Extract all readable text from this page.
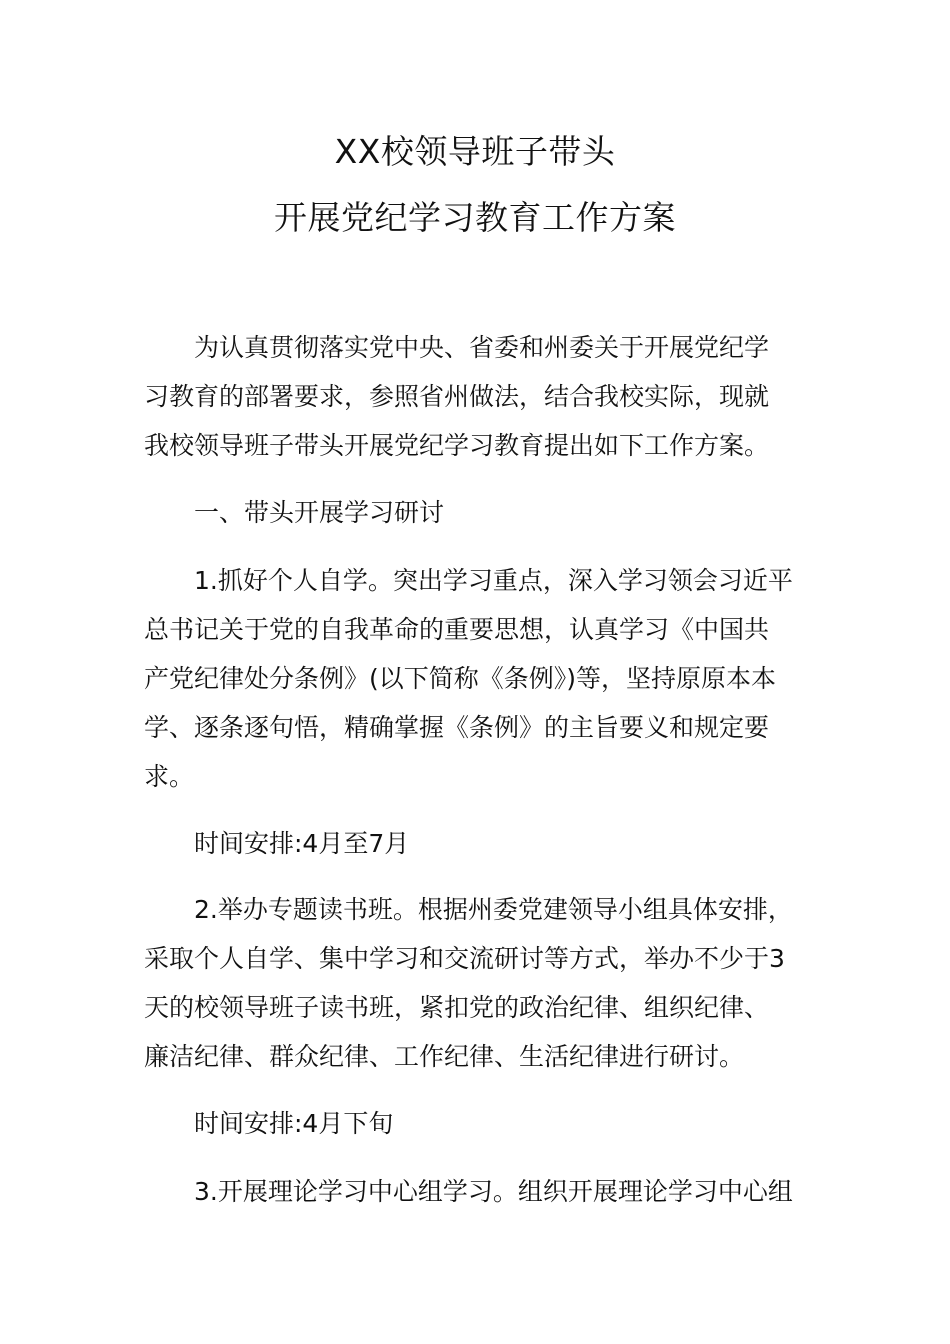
XX校领导班子带头
开展党纪学习教育工作方案
为认真贯彻落实党中央、省委和州委关于开展党纪学
习教育的部署要求，参照省州做法，结合我校实际，现就
我校领导班子带头开展党纪学习教育提出如下工作方案。
一、带头开展学习研讨
1.抓好个人自学。突出学习重点，深入学习领会习近平
总书记关于党的自我革命的重要思想，认真学习《中国共
产党纪律处分条例》(以下简称《条例》)等，坚持原原本本
学、逐条逐句悟，精确掌握《条例》的主旨要义和规定要
求。
时间安排:4月至7月
2.举办专题读书班。根据州委党建领导小组具体安排，
采取个人自学、集中学习和交流研讨等方式，举办不少于3
天的校领导班子读书班，紧扣党的政治纪律、组织纪律、
廉洁纪律、群众纪律、工作纪律、生活纪律进行研讨。
时间安排:4月下旬
3.开展理论学习中心组学习。组织开展理论学习中心组
